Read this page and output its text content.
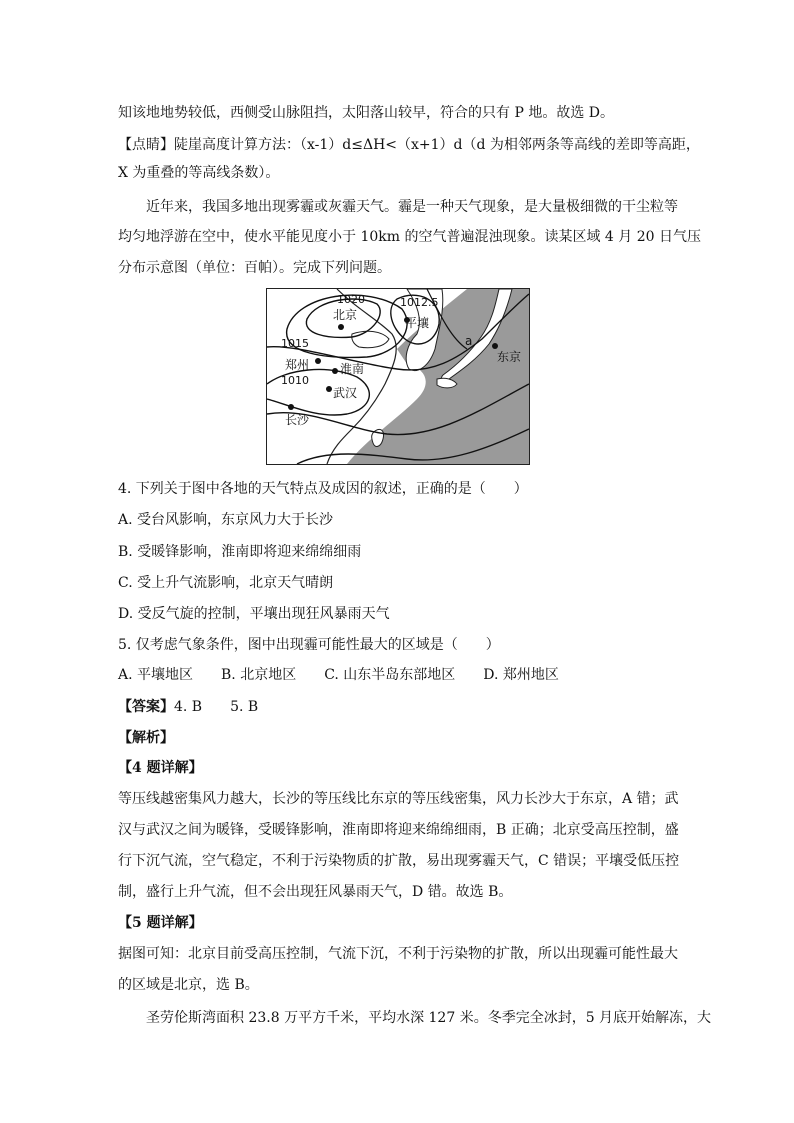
知该地地势较低，西侧受山脉阻挡，太阳落山较早，符合的只有 P 地。故选 D。
【点睛】陡崖高度计算方法：（x-1）d≤ΔH<（x+1）d（d 为相邻两条等高线的差即等高距，
X 为重叠的等高线条数）。
近年来，我国多地出现雾霾或灰霾天气。霾是一种天气现象，是大量极细微的干尘粒等
均匀地浮游在空中，使水平能见度小于 10km 的空气普遍混浊现象。读某区域 4 月 20 日气压
分布示意图（单位：百帕）。完成下列问题。
1020	1012.5
1015
1010
北京
平壤
东京
郑州	淮南
武汉
长沙
a
4. 下列关于图中各地的天气特点及成因的叙述，正确的是（　　）
A. 受台风影响，东京风力大于长沙
B. 受暖锋影响，淮南即将迎来绵绵细雨
C. 受上升气流影响，北京天气晴朗
D. 受反气旋的控制，平壤出现狂风暴雨天气
5. 仅考虑气象条件，图中出现霾可能性最大的区域是（　　）
A. 平壤地区　　B. 北京地区　　C. 山东半岛东部地区　　D. 郑州地区
【答案】4. B　　5. B
【解析】
【4 题详解】
等压线越密集风力越大，长沙的等压线比东京的等压线密集，风力长沙大于东京，A 错；武
汉与武汉之间为暖锋，受暖锋影响，淮南即将迎来绵绵细雨，B 正确；北京受高压控制，盛
行下沉气流，空气稳定，不利于污染物质的扩散，易出现雾霾天气，C 错误；平壤受低压控
制，盛行上升气流，但不会出现狂风暴雨天气，D 错。故选 B。
【5 题详解】
据图可知：北京目前受高压控制，气流下沉，不利于污染物的扩散，所以出现霾可能性最大
的区域是北京，选 B。
圣劳伦斯湾面积 23.8 万平方千米，平均水深 127 米。冬季完全冰封，5 月底开始解冻，大
